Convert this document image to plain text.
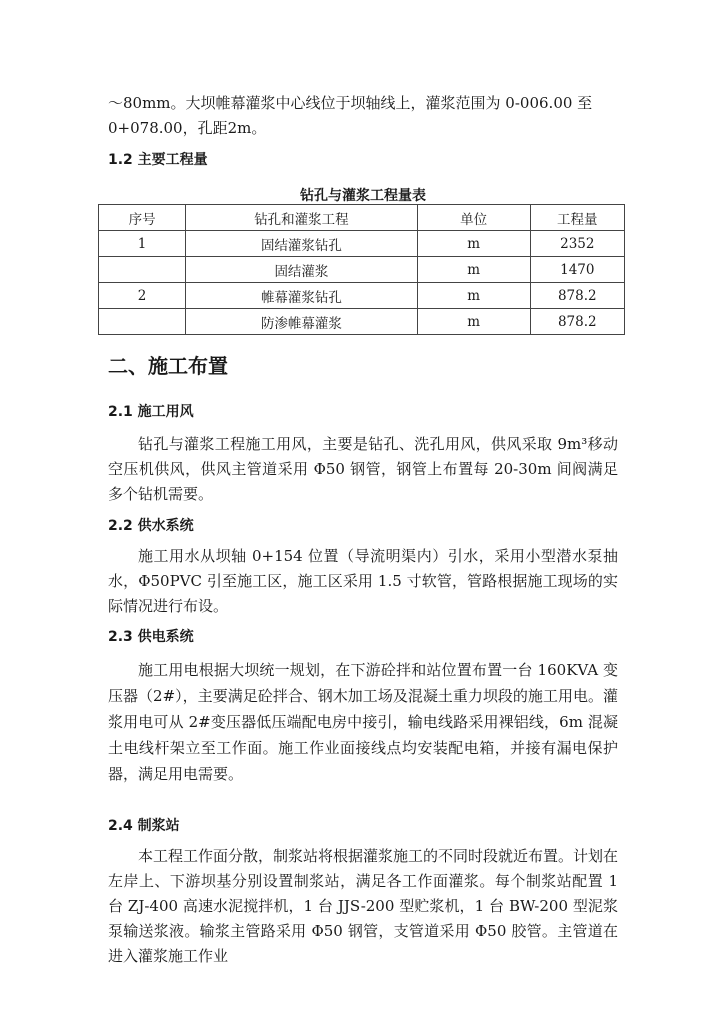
～80mm。大坝帷幕灌浆中心线位于坝轴线上，灌浆范围为 0-006.00 至

0+078.00，孔距2m。

1.2 主要工程量
钻孔与灌浆工程量表
序号	钻孔和灌浆工程	单位	工程量
1	固结灌浆钻孔	m	2352
	固结灌浆	m	1470
2	帷幕灌浆钻孔	m	878.2
	防渗帷幕灌浆	m	878.2
二、施工布置
2.1 施工用风

钻孔与灌浆工程施工用风，主要是钻孔、洗孔用风，供风采取 9m³移动空压机供风，供风主管道采用 Φ50 钢管，钢管上布置每 20-30m 间阀满足多个钻机需要。

2.2 供水系统

施工用水从坝轴 0+154 位置（导流明渠内）引水，采用小型潜水泵抽水，Φ50PVC 引至施工区，施工区采用 1.5 寸软管，管路根据施工现场的实际情况进行布设。

2.3 供电系统

施工用电根据大坝统一规划，在下游砼拌和站位置布置一台 160KVA 变压器（2#），主要满足砼拌合、钢木加工场及混凝土重力坝段的施工用电。灌浆用电可从 2#变压器低压端配电房中接引，输电线路采用裸铝线，6m 混凝土电线杆架立至工作面。施工作业面接线点均安装配电箱，并接有漏电保护器，满足用电需要。

2.4 制浆站

本工程工作面分散，制浆站将根据灌浆施工的不同时段就近布置。计划在左岸上、下游坝基分别设置制浆站，满足各工作面灌浆。每个制浆站配置 1 台 ZJ-400 高速水泥搅拌机，1 台 JJS-200 型贮浆机，1 台 BW-200 型泥浆泵输送浆液。输浆主管路采用 Φ50 钢管，支管道采用 Φ50 胶管。主管道在进入灌浆施工作业
